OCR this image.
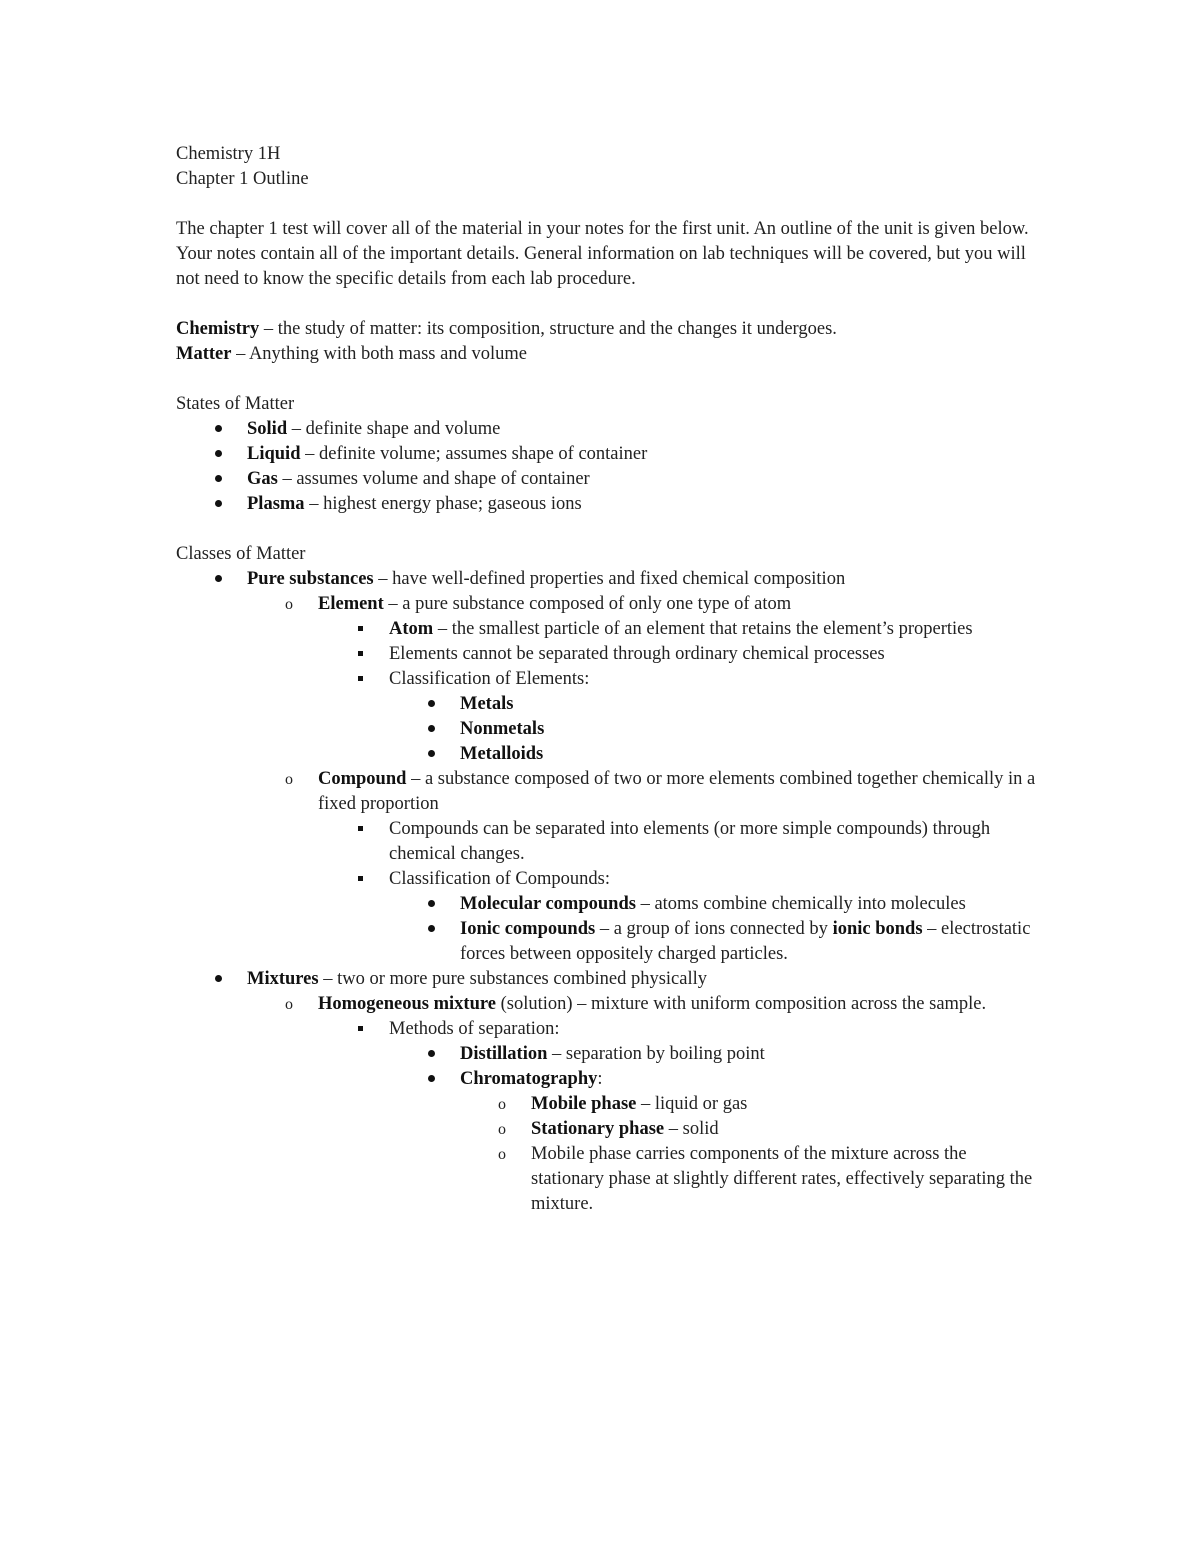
Chemistry 1H

Chapter 1 Outline

The chapter 1 test will cover all of the material in your notes for the first unit. An outline of the unit is given below. Your notes contain all of the important details. General information on lab techniques will be covered, but you will not need to know the specific details from each lab procedure.

Chemistry – the study of matter: its composition, structure and the changes it undergoes.

Matter – Anything with both mass and volume

States of Matter

Solid – definite shape and volume
Liquid – definite volume; assumes shape of container
Gas – assumes volume and shape of container
Plasma – highest energy phase; gaseous ions

Classes of Matter

Pure substances – have well-defined properties and fixed chemical composition
o	Element – a pure substance composed of only one type of atom
Atom – the smallest particle of an element that retains the element’s properties
Elements cannot be separated through ordinary chemical processes
Classification of Elements:
Metals
Nonmetals
Metalloids
o	Compound – a substance composed of two or more elements combined together chemically in a fixed proportion
Compounds can be separated into elements (or more simple compounds) through chemical changes.
Classification of Compounds:
Molecular compounds – atoms combine chemically into molecules
Ionic compounds – a group of ions connected by ionic bonds – electrostatic forces between oppositely charged particles.
Mixtures – two or more pure substances combined physically
o	Homogeneous mixture (solution) – mixture with uniform composition across the sample.
Methods of separation:
Distillation – separation by boiling point
Chromatography:
o	Mobile phase – liquid or gas
o	Stationary phase – solid
o	Mobile phase carries components of the mixture across the stationary phase at slightly different rates, effectively separating the mixture.
